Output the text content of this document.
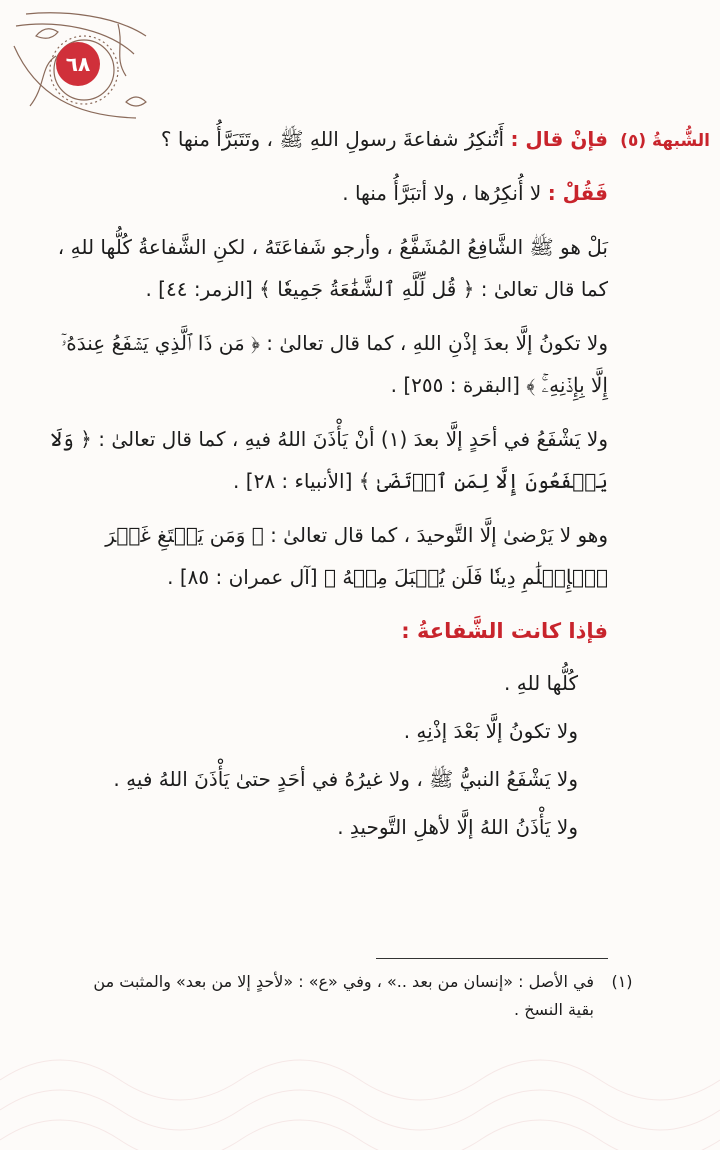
٦٨
الشُّبهةُ (٥)

فإنْ قال : أَتُنكِرُ شفاعةَ رسولِ اللهِ ﷺ ، وتَتَبَرَّأُ منها ؟

فَقُلْ : لا أُنكِرُها ، ولا أتبَرَّأُ منها .

بَلْ هو ﷺ الشَّافِعُ المُشَفَّعُ ، وأرجو شَفاعَتَهُ ، لكنِ الشَّفاعةُ كُلُّها للهِ ، كما قال تعالىٰ : ﴿ قُل لِّلَّهِ ٱلشَّفَٰعَةُ جَمِيعٗا ﴾ [الزمر: ٤٤] .

ولا تكونُ إلَّا بعدَ إذْنِ اللهِ ، كما قال تعالىٰ : ﴿ مَن ذَا ٱلَّذِي يَشۡفَعُ عِندَهُۥٓ إِلَّا بِإِذۡنِهِۦۚ ﴾ [البقرة : ٢٥٥] .

ولا يَشْفَعُ في أحَدٍ إلَّا بعدَ (١) أنْ يَأْذَنَ اللهُ فيهِ ، كما قال تعالىٰ : ﴿ وَلَا يَشۡفَعُونَ إِلَّا لِمَنِ ٱرۡتَضَىٰ ﴾ [الأنبياء : ٢٨] .

وهو لا يَرْضىٰ إلَّا التَّوحيدَ ، كما قال تعالىٰ : ﴿ وَمَن يَبۡتَغِ غَيۡرَ ٱلۡإِسۡلَٰمِ دِينٗا فَلَن يُقۡبَلَ مِنۡهُ ﴾ [آل عمران : ٨٥] .

فإذا كانت الشَّفاعةُ :

كُلُّها للهِ .

ولا تكونُ إلَّا بَعْدَ إذْنِهِ .

ولا يَشْفَعُ النبيُّ ﷺ ، ولا غيرُهُ في أحَدٍ حتىٰ يَأْذَنَ اللهُ فيهِ .

ولا يَأْذَنُ اللهُ إلَّا لأهلِ التَّوحيدِ .

(١)
في الأصل : «إنسان من بعد ..» ، وفي «ع» : «لأحدٍ إلا من بعد» والمثبت من بقية النسخ .
